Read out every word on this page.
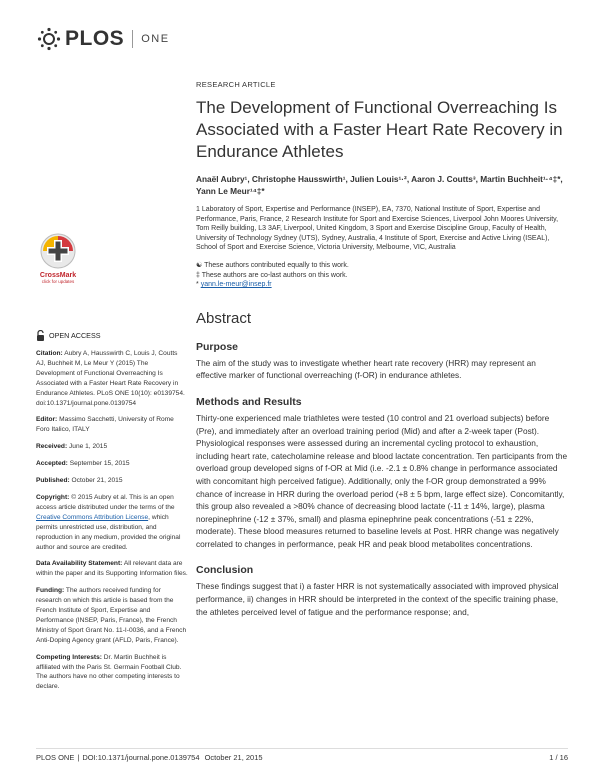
PLOS ONE
CrossMark
click for updates
OPEN ACCESS
Citation: Aubry A, Hausswirth C, Louis J, Coutts AJ, Buchheit M, Le Meur Y (2015) The Development of Functional Overreaching Is Associated with a Faster Heart Rate Recovery in Endurance Athletes. PLoS ONE 10(10): e0139754. doi:10.1371/journal.pone.0139754
Editor: Massimo Sacchetti, University of Rome Foro Italico, ITALY
Received: June 1, 2015
Accepted: September 15, 2015
Published: October 21, 2015
Copyright: © 2015 Aubry et al. This is an open access article distributed under the terms of the Creative Commons Attribution License, which permits unrestricted use, distribution, and reproduction in any medium, provided the original author and source are credited.
Data Availability Statement: All relevant data are within the paper and its Supporting Information files.
Funding: The authors received funding for research on which this article is based from the French Institute of Sport, Expertise and Performance (INSEP, Paris, France), the French Ministry of Sport Grant No. 11-I-0036, and a French Anti-Doping Agency grant (AFLD, Paris, France).
Competing Interests: Dr. Martin Buchheit is affiliated with the Paris St. Germain Football Club. The authors have no other competing interests to declare.
RESEARCH ARTICLE
The Development of Functional Overreaching Is Associated with a Faster Heart Rate Recovery in Endurance Athletes
Anaël Aubry¹, Christophe Hausswirth¹, Julien Louis¹·², Aaron J. Coutts³, Martin Buchheit¹·⁴‡*, Yann Le Meur¹⁴‡*
1 Laboratory of Sport, Expertise and Performance (INSEP), EA, 7370, National Institute of Sport, Expertise and Performance, Paris, France, 2 Research Institute for Sport and Exercise Sciences, Liverpool John Moores University, Tom Reilly building, L3 3AF, Liverpool, United Kingdom, 3 Sport and Exercise Discipline Group, Faculty of Health, University of Technology Sydney (UTS), Sydney, Australia, 4 Institute of Sport, Exercise and Active Living (ISEAL), School of Sport and Exercise Science, Victoria University, Melbourne, VIC, Australia
☯ These authors contributed equally to this work.
‡ These authors are co-last authors on this work.
* yann.le-meur@insep.fr
Abstract
Purpose
The aim of the study was to investigate whether heart rate recovery (HRR) may represent an effective marker of functional overreaching (f-OR) in endurance athletes.
Methods and Results
Thirty-one experienced male triathletes were tested (10 control and 21 overload subjects) before (Pre), and immediately after an overload training period (Mid) and after a 2-week taper (Post). Physiological responses were assessed during an incremental cycling protocol to exhaustion, including heart rate, catecholamine release and blood lactate concentration. Ten participants from the overload group developed signs of f-OR at Mid (i.e. -2.1 ± 0.8% change in performance associated with concomitant high perceived fatigue). Additionally, only the f-OR group demonstrated a 99% chance of increase in HRR during the overload period (+8 ± 5 bpm, large effect size). Concomitantly, this group also revealed a >80% chance of decreasing blood lactate (-11 ± 14%, large), plasma norepinephrine (-12 ± 37%, small) and plasma epinephrine peak concentrations (-51 ± 22%, moderate). These blood measures returned to baseline levels at Post. HRR change was negatively correlated to changes in performance, peak HR and peak blood metabolites concentrations.
Conclusion
These findings suggest that i) a faster HRR is not systematically associated with improved physical performance, ii) changes in HRR should be interpreted in the context of the specific training phase, the athletes perceived level of fatigue and the performance response; and,
PLOS ONE | DOI:10.1371/journal.pone.0139754 October 21, 2015	1 / 16
